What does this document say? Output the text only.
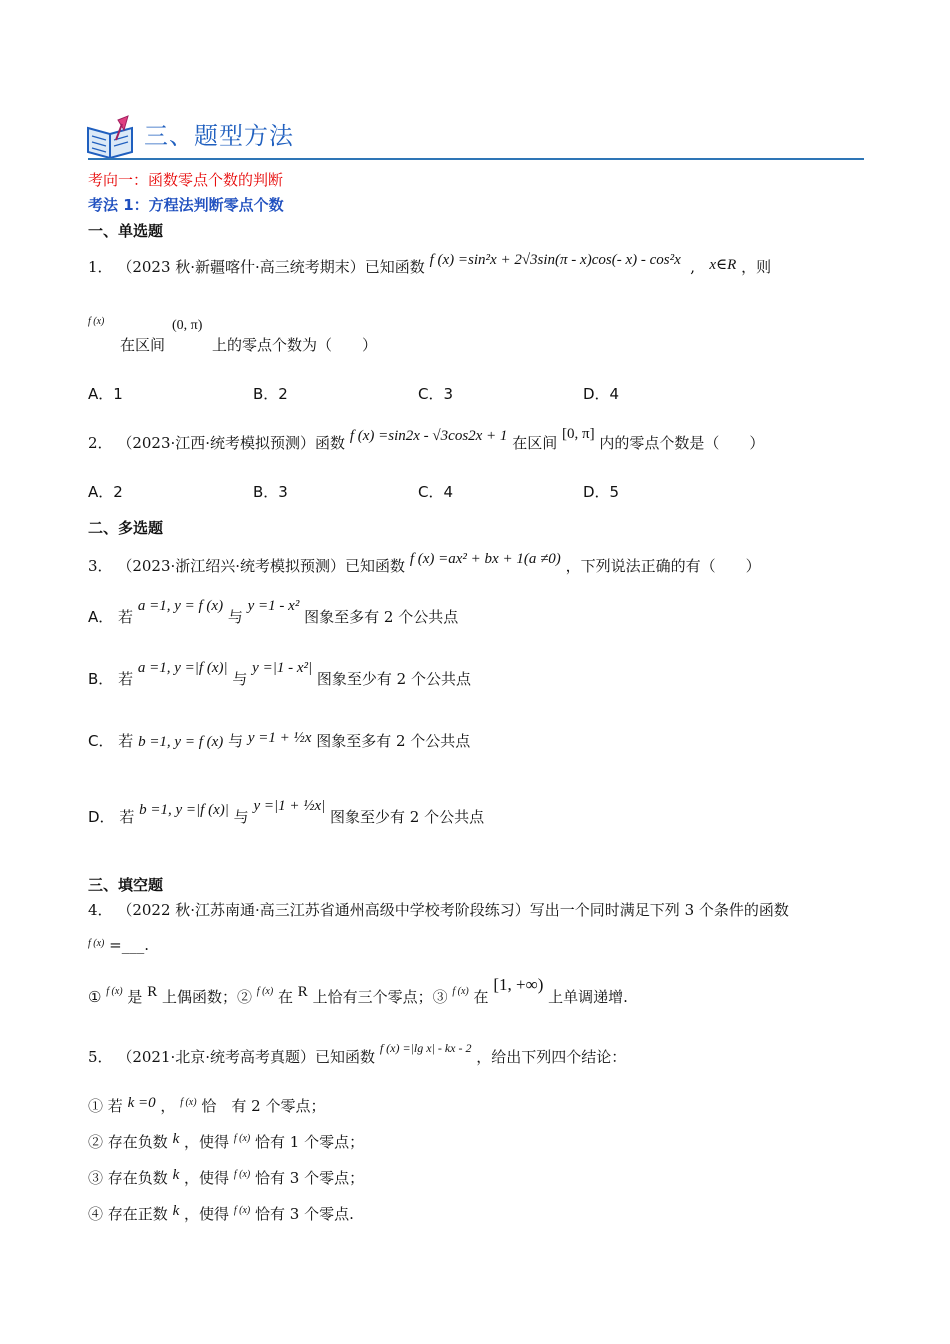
三、题型方法
考向一：函数零点个数的判断
考法 1：方程法判断零点个数
一、单选题
1． （2023 秋·新疆喀什·高三统考期末）已知函数 f (x) =sin²x + 2√3sin(π - x)cos(- x) - cos²x  ,   x∈R ，则
$^{f (x)}$
在区间
(0, π)
上的零点个数为（　　）
A．1	B．2	C．3	D．4
2． （2023·江西·统考模拟预测）函数 f (x) =sin2x - √3cos2x + 1 在区间 [0, π] 内的零点个数是（　　）
A．2	B．3	C．4	D．5
二、多选题
3． （2023·浙江绍兴·统考模拟预测）已知函数 f (x) =ax² + bx + 1(a ≠0) ，下列说法正确的有（　　）
A． 若 a =1, y = f (x) 与 y =1 - x² 图象至多有 2 个公共点
B． 若 a =1, y =|f (x)| 与 y =|1 - x²| 图象至少有 2 个公共点
C． 若 b =1, y = f (x) 与 y =1 + ½x 图象至多有 2 个公共点
D． 若 b =1, y =|f (x)| 与 y =|1 + ½x| 图象至少有 2 个公共点
三、填空题
4． （2022 秋·江苏南通·高三江苏省通州高级中学校考阶段练习）写出一个同时满足下列 3 个条件的函数
$^{f (x)}$ =___.
① $^{f (x)}$ 是 R 上偶函数；② $^{f (x)}$ 在 R 上恰有三个零点；③ $^{f (x)}$ 在 [1, +∞) 上单调递增.
5． （2021·北京·统考高考真题）已知函数 $^{f (x) =|lg x| - kx - 2}$ ，给出下列四个结论：
① 若 k =0 ， $^{f (x)}$ 恰　有 2 个零点；
② 存在负数 k ，使得 $^{f (x)}$ 恰有 1 个零点；
③ 存在负数 k ，使得 $^{f (x)}$ 恰有 3 个零点；
④ 存在正数 k ，使得 $^{f (x)}$ 恰有 3 个零点.
